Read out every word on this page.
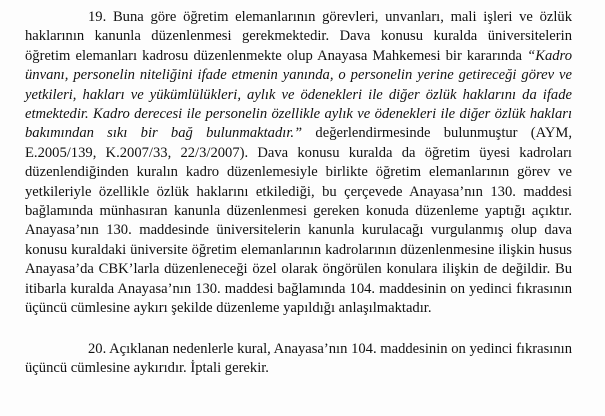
19. Buna göre öğretim elemanlarının görevleri, unvanları, mali işleri ve özlük haklarının kanunla düzenlenmesi gerekmektedir. Dava konusu kuralda üniversitelerin öğretim elemanları kadrosu düzenlenmekte olup Anayasa Mahkemesi bir kararında “Kadro ünvanı, personelin niteliğini ifade etmenin yanında, o personelin yerine getireceği görev ve yetkileri, hakları ve yükümlülükleri, aylık ve ödenekleri ile diğer özlük haklarını da ifade etmektedir. Kadro derecesi ile personelin özellikle aylık ve ödenekleri ile diğer özlük hakları bakımından sıkı bir bağ bulunmaktadır.” değerlendirmesinde bulunmuştur (AYM, E.2005/139, K.2007/33, 22/3/2007). Dava konusu kuralda da öğretim üyesi kadroları düzenlendiğinden kuralın kadro düzenlemesiyle birlikte öğretim elemanlarının görev ve yetkileriyle özellikle özlük haklarını etkilediği, bu çerçevede Anayasa’nın 130. maddesi bağlamında münhasıran kanunla düzenlenmesi gereken konuda düzenleme yaptığı açıktır. Anayasa’nın 130. maddesinde üniversitelerin kanunla kurulacağı vurgulanmış olup dava konusu kuraldaki üniversite öğretim elemanlarının kadrolarının düzenlenmesine ilişkin husus Anayasa’da CBK’larla düzenleneceği özel olarak öngörülen konulara ilişkin de değildir. Bu itibarla kuralda Anayasa’nın 130. maddesi bağlamında 104. maddesinin on yedinci fıkrasının üçüncü cümlesine aykırı şekilde düzenleme yapıldığı anlaşılmaktadır.

20. Açıklanan nedenlerle kural, Anayasa’nın 104. maddesinin on yedinci fıkrasının üçüncü cümlesine aykırıdır. İptali gerekir.
